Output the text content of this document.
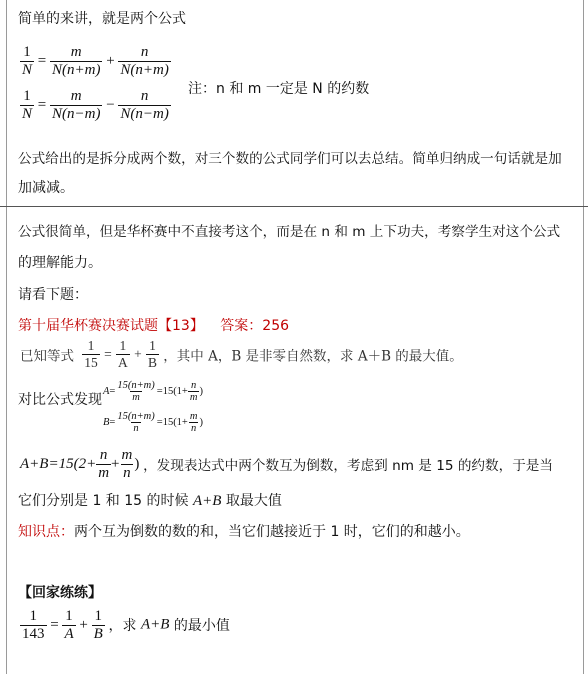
简单的来讲，就是两个公式
$\frac{1}{N} = \frac{m}{N(n+m)} + \frac{n}{N(n+m)}$
注：n 和 m 一定是 N 的约数
$\frac{1}{N} = \frac{m}{N(n-m)} - \frac{n}{N(n-m)}$
公式给出的是拆分成两个数，对三个数的公式同学们可以去总结。简单归纳成一句话就是加
加减减。
公式很简单，但是华杯赛中不直接考这个，而是在 n 和 m 上下功夫，考察学生对这个公式
的理解能力。
请看下题：
第十届华杯赛决赛试题【13】 答案：256
已知等式 $\frac{1}{15} = \frac{1}{A} + \frac{1}{B}$ ，其中 A，B 是非零自然数，求 A＋B 的最大值。
对比公式发现
$A= \frac{15(n+m)}{m} =15(1+ \frac{n}{m}$ )
$B= \frac{15(n+m)}{n} =15(1+ \frac{m}{n}$ )
$A+B=15(2+ \frac{n}{m} + \frac{m}{n}$ ) ，发现表达式中两个数互为倒数，考虑到 nm 是 15 的约数，于是当
它们分别是 1 和 15 的时候 A+B 取最大值
知识点：两个互为倒数的数的和，当它们越接近于 1 时，它们的和越小。
【回家练练】
$\frac{1}{143} = \frac{1}{A} + \frac{1}{B}$ ，求 A+B 的最小值
